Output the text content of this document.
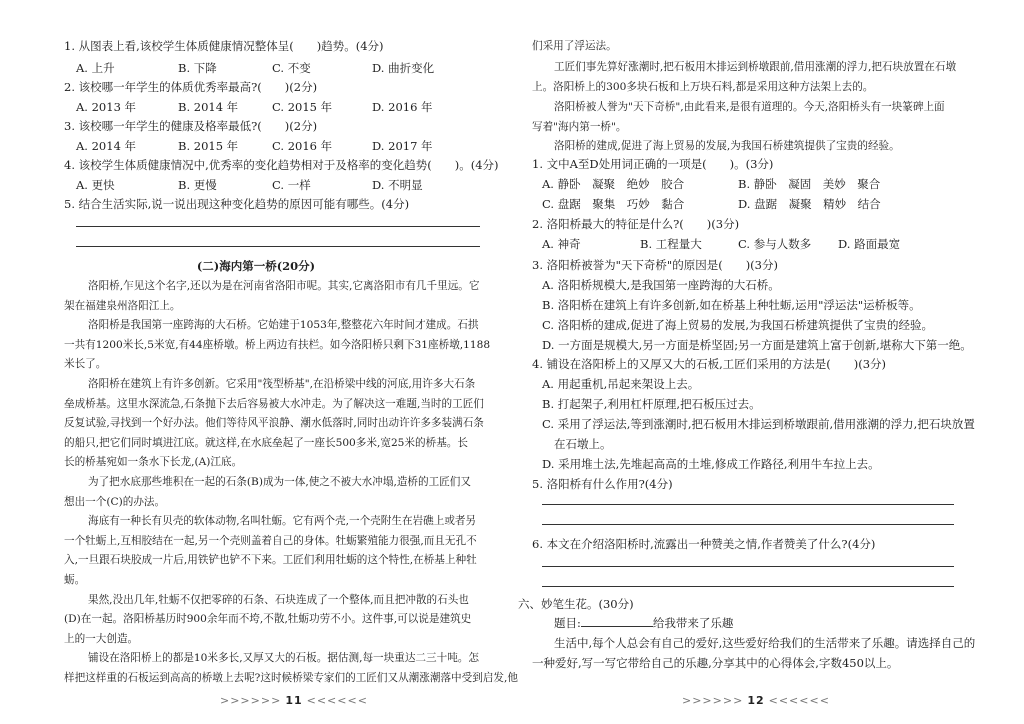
1. 从图表上看,该校学生体质健康情况整体呈(　　)趋势。(4分)
A. 上升	B. 下降	C. 不变	D. 曲折变化
2. 该校哪一年学生的体质优秀率最高?(　　)(2分)
A. 2013 年	B. 2014 年	C. 2015 年	D. 2016 年
3. 该校哪一年学生的健康及格率最低?(　　)(2分)
A. 2014 年	B. 2015 年	C. 2016 年	D. 2017 年
4. 该校学生体质健康情况中,优秀率的变化趋势相对于及格率的变化趋势(　　)。(4分)
A. 更快	B. 更慢	C. 一样	D. 不明显
5. 结合生活实际,说一说出现这种变化趋势的原因可能有哪些。(4分)
(二)海内第一桥(20分)
洛阳桥,乍见这个名字,还以为是在河南省洛阳市呢。其实,它离洛阳市有几千里远。它
架在福建泉州洛阳江上。
洛阳桥是我国第一座跨海的大石桥。它始建于1053年,整整花六年时间才建成。石拱
一共有1200米长,5米宽,有44座桥墩。桥上两边有扶栏。如今洛阳桥只剩下31座桥墩,1188
米长了。
洛阳桥在建筑上有许多创新。它采用"筏型桥基",在沿桥梁中线的河底,用许多大石条
垒成桥基。这里水深流急,石条抛下去后容易被大水冲走。为了解决这一难题,当时的工匠们
反复试验,寻找到一个好办法。他们等待风平浪静、潮水低落时,同时出动许许多多装满石条
的船只,把它们同时填进江底。就这样,在水底垒起了一座长500多米,宽25米的桥基。长
长的桥基宛如一条水下长龙,(A)江底。
为了把水底那些堆积在一起的石条(B)成为一体,使之不被大水冲塌,造桥的工匠们又
想出一个(C)的办法。
海底有一种长有贝壳的软体动物,名叫牡蛎。它有两个壳,一个壳附生在岩礁上或者另
一个牡蛎上,互相胶结在一起,另一个壳则盖着自己的身体。牡蛎繁殖能力很强,而且无孔不
入,一旦跟石块胶成一片后,用铁铲也铲不下来。工匠们利用牡蛎的这个特性,在桥基上种牡
蛎。
果然,没出几年,牡蛎不仅把零碎的石条、石块连成了一个整体,而且把冲散的石头也
(D)在一起。洛阳桥基历时900余年而不垮,不散,牡蛎功劳不小。这件事,可以说是建筑史
上的一大创造。
铺设在洛阳桥上的都是10米多长,又厚又大的石板。据估测,每一块重达二三十吨。怎
样把这样重的石板运到高高的桥墩上去呢?这时候桥梁专家们的工匠们又从潮涨潮落中受到启发,他
>>>>>> 11 <<<<<<
们采用了浮运法。
工匠们事先算好涨潮时,把石板用木排运到桥墩跟前,借用涨潮的浮力,把石块放置在石墩
上。洛阳桥上的300多块石板和上万块石料,都是采用这种方法架上去的。
洛阳桥被人誉为"天下奇桥",由此看来,是很有道理的。今天,洛阳桥头有一块篆碑上面
写着"海内第一桥"。
洛阳桥的建成,促进了海上贸易的发展,为我国石桥建筑提供了宝贵的经验。
1. 文中A至D处用词正确的一项是(　　)。(3分)
A. 静卧　凝聚　绝妙　胶合	B. 静卧　凝固　美妙　聚合
C. 盘踞　聚集　巧妙　黏合	D. 盘踞　凝聚　精妙　结合
2. 洛阳桥最大的特征是什么?(　　)(3分)
A. 神奇	B. 工程量大	C. 参与人数多 D. 路面最宽
3. 洛阳桥被誉为"天下奇桥"的原因是(　　)(3分)
A. 洛阳桥规模大,是我国第一座跨海的大石桥。
B. 洛阳桥在建筑上有许多创新,如在桥基上种牡蛎,运用"浮运法"运桥板等。
C. 洛阳桥的建成,促进了海上贸易的发展,为我国石桥建筑提供了宝贵的经验。
D. 一方面是规模大,另一方面是桥坚固;另一方面是建筑上富于创新,堪称大下第一绝。
4. 铺设在洛阳桥上的又厚又大的石板,工匠们采用的方法是(　　)(3分)
A. 用起重机,吊起来架设上去。
B. 打起架子,利用杠杆原理,把石板压过去。
C. 采用了浮运法,等到涨潮时,把石板用木排运到桥墩跟前,借用涨潮的浮力,把石块放置
在石墩上。
D. 采用堆土法,先堆起高高的土堆,修成工作路径,利用牛车拉上去。
5. 洛阳桥有什么作用?(4分)
6. 本文在介绍洛阳桥时,流露出一种赞美之情,作者赞美了什么?(4分)
六、妙笔生花。(30分)
题目:	给我带来了乐趣
生活中,每个人总会有自己的爱好,这些爱好给我们的生活带来了乐趣。请选择自己的
一种爱好,写一写它带给自己的乐趣,分享其中的心得体会,字数450以上。
>>>>>> 12 <<<<<<
